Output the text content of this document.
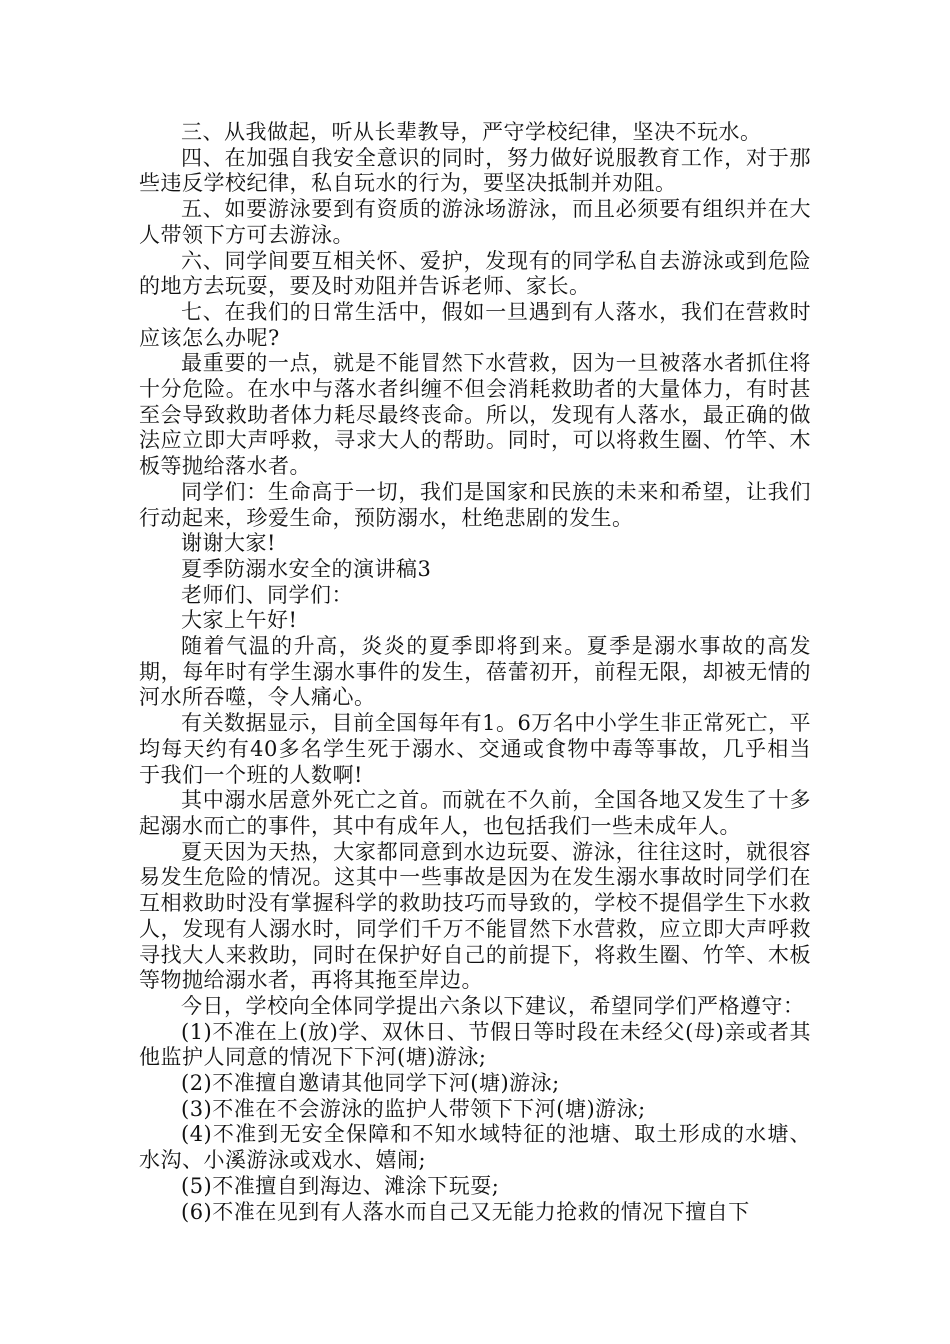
三、从我做起，听从长辈教导，严守学校纪律，坚决不玩水。

四、在加强自我安全意识的同时，努力做好说服教育工作，对于那些违反学校纪律，私自玩水的行为，要坚决抵制并劝阻。

五、如要游泳要到有资质的游泳场游泳，而且必须要有组织并在大人带领下方可去游泳。

六、同学间要互相关怀、爱护，发现有的同学私自去游泳或到危险的地方去玩耍，要及时劝阻并告诉老师、家长。

七、在我们的日常生活中，假如一旦遇到有人落水，我们在营救时应该怎么办呢?

最重要的一点，就是不能冒然下水营救，因为一旦被落水者抓住将十分危险。在水中与落水者纠缠不但会消耗救助者的大量体力，有时甚至会导致救助者体力耗尽最终丧命。所以，发现有人落水，最正确的做法应立即大声呼救，寻求大人的帮助。同时，可以将救生圈、竹竿、木板等抛给落水者。

同学们：生命高于一切，我们是国家和民族的未来和希望，让我们行动起来，珍爱生命，预防溺水，杜绝悲剧的发生。

谢谢大家!

夏季防溺水安全的演讲稿3

老师们、同学们：

大家上午好!

随着气温的升高，炎炎的夏季即将到来。夏季是溺水事故的高发期，每年时有学生溺水事件的发生，蓓蕾初开，前程无限，却被无情的河水所吞噬，令人痛心。

有关数据显示，目前全国每年有1。6万名中小学生非正常死亡，平均每天约有40多名学生死于溺水、交通或食物中毒等事故，几乎相当于我们一个班的人数啊!

其中溺水居意外死亡之首。而就在不久前，全国各地又发生了十多起溺水而亡的事件，其中有成年人，也包括我们一些未成年人。

夏天因为天热，大家都同意到水边玩耍、游泳，往往这时，就很容易发生危险的情况。这其中一些事故是因为在发生溺水事故时同学们在互相救助时没有掌握科学的救助技巧而导致的，学校不提倡学生下水救人，发现有人溺水时，同学们千万不能冒然下水营救，应立即大声呼救寻找大人来救助，同时在保护好自己的前提下，将救生圈、竹竿、木板等物抛给溺水者，再将其拖至岸边。

今日，学校向全体同学提出六条以下建议，希望同学们严格遵守：

(1)不准在上(放)学、双休日、节假日等时段在未经父(母)亲或者其他监护人同意的情况下下河(塘)游泳;

(2)不准擅自邀请其他同学下河(塘)游泳;

(3)不准在不会游泳的监护人带领下下河(塘)游泳;

(4)不准到无安全保障和不知水域特征的池塘、取土形成的水塘、水沟、小溪游泳或戏水、嬉闹;

(5)不准擅自到海边、滩涂下玩耍;

(6)不准在见到有人落水而自己又无能力抢救的情况下擅自下
